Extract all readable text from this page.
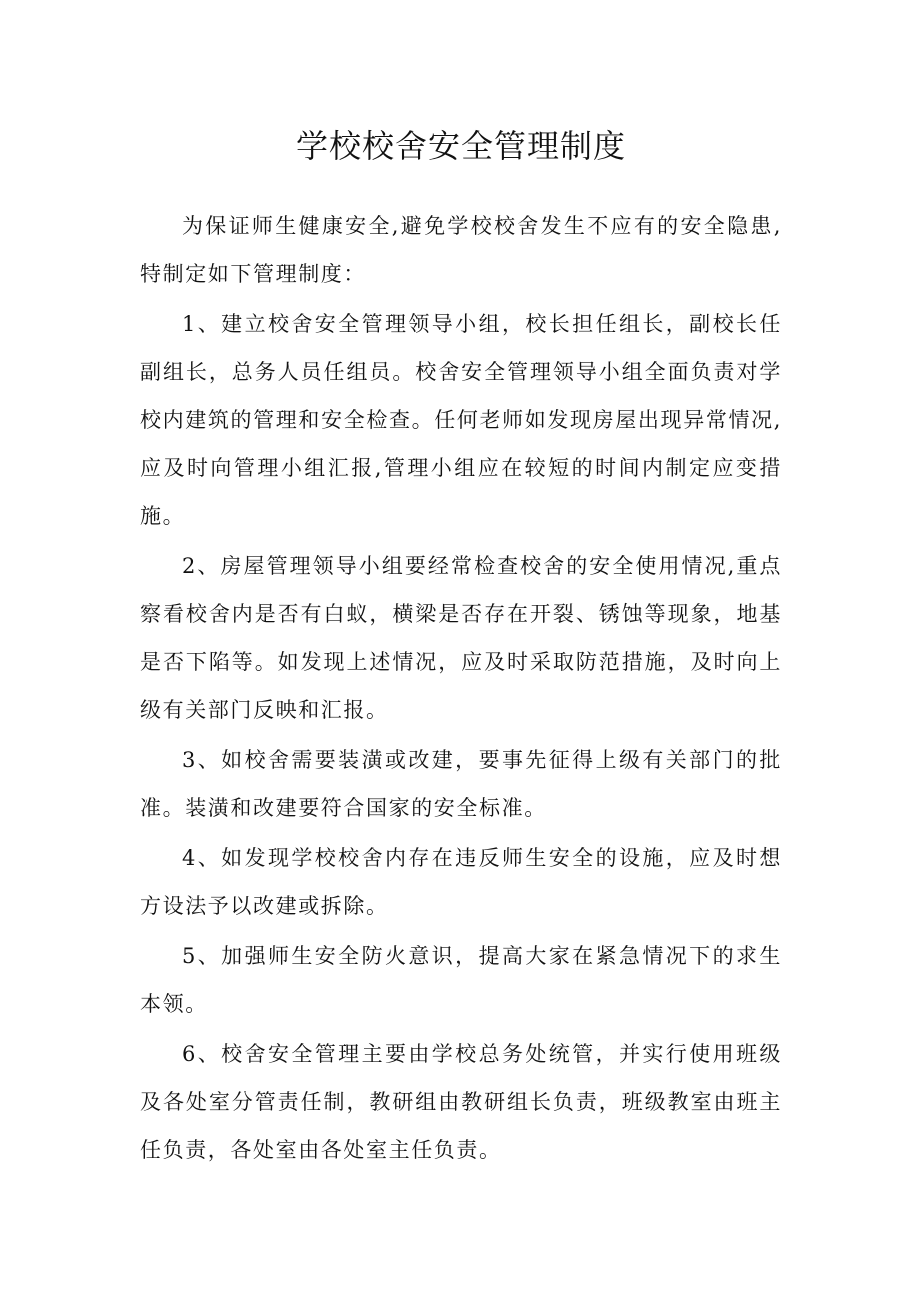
学校校舍安全管理制度

为保证师生健康安全,避免学校校舍发生不应有的安全隐患,特制定如下管理制度：

1、建立校舍安全管理领导小组，校长担任组长，副校长任副组长，总务人员任组员。校舍安全管理领导小组全面负责对学校内建筑的管理和安全检查。任何老师如发现房屋出现异常情况,应及时向管理小组汇报,管理小组应在较短的时间内制定应变措施。

2、房屋管理领导小组要经常检查校舍的安全使用情况,重点察看校舍内是否有白蚁，横梁是否存在开裂、锈蚀等现象，地基是否下陷等。如发现上述情况，应及时采取防范措施，及时向上级有关部门反映和汇报。

3、如校舍需要装潢或改建，要事先征得上级有关部门的批准。装潢和改建要符合国家的安全标准。

4、如发现学校校舍内存在违反师生安全的设施，应及时想方设法予以改建或拆除。

5、加强师生安全防火意识，提高大家在紧急情况下的求生本领。

6、校舍安全管理主要由学校总务处统管，并实行使用班级及各处室分管责任制，教研组由教研组长负责，班级教室由班主任负责，各处室由各处室主任负责。
